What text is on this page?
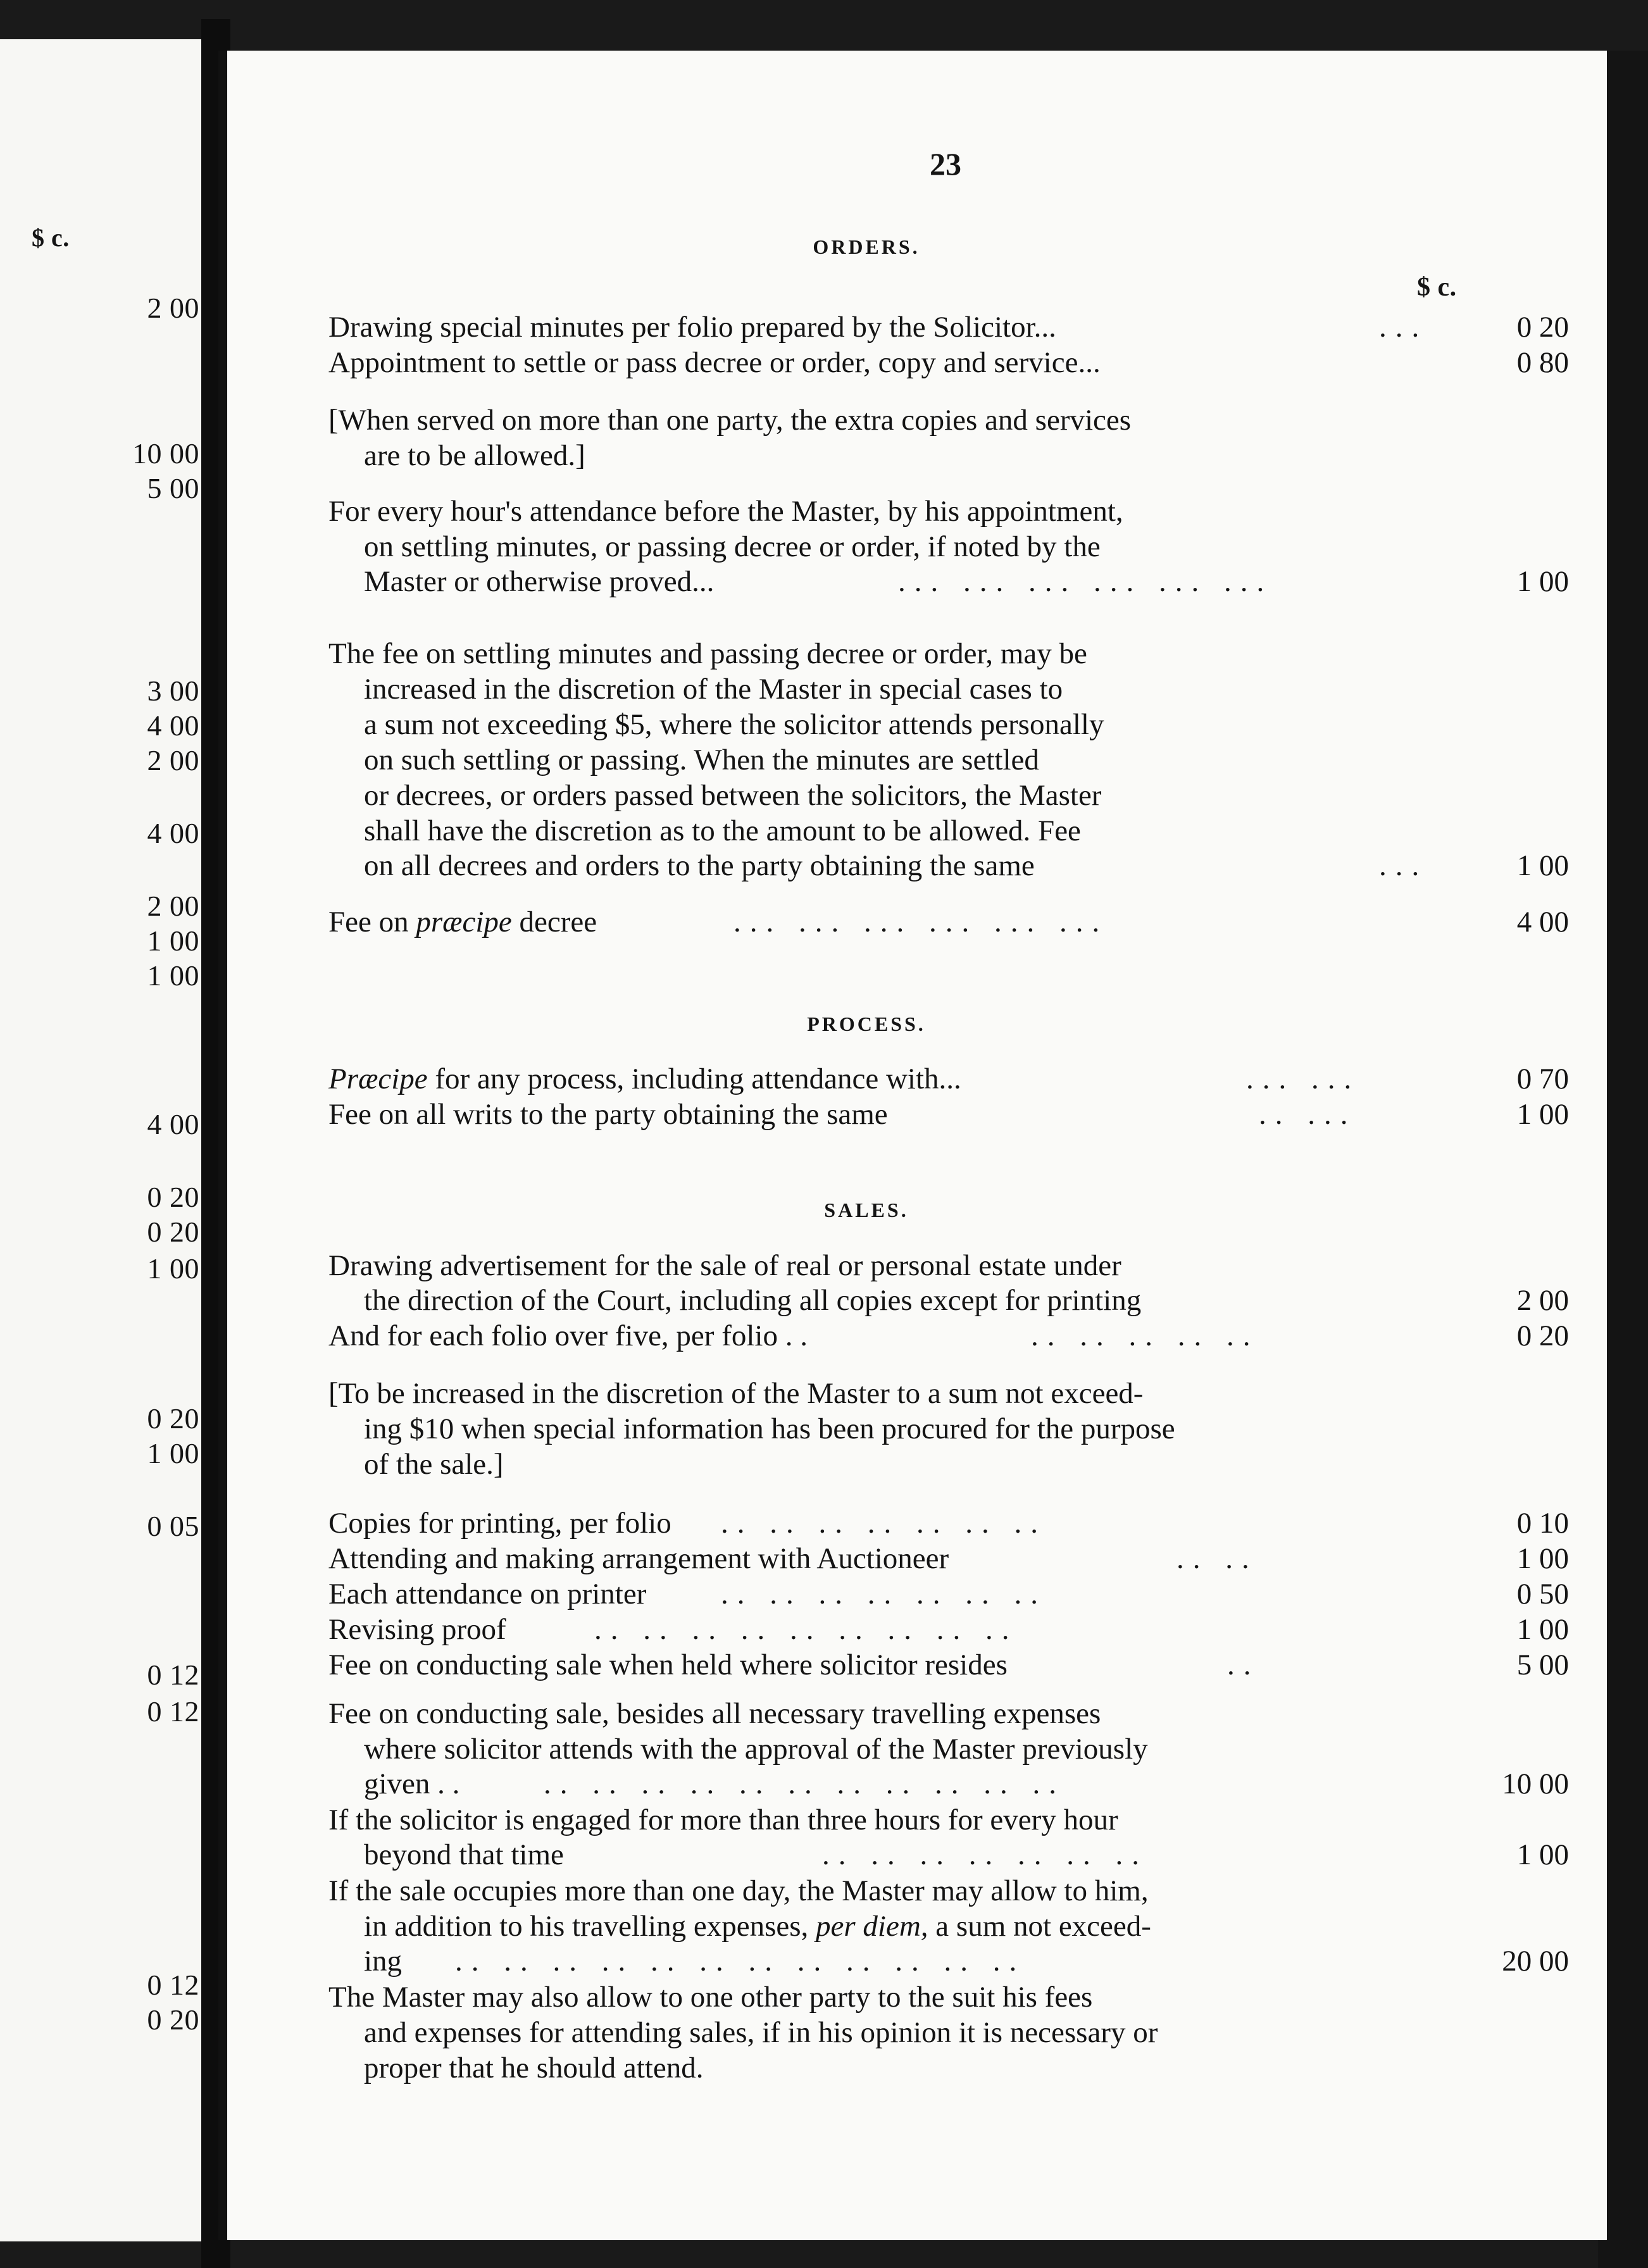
$ c.
2 00
10 00
5 00
3 00
4 00
2 00
4 00
2 00
1 00
1 00
4 00
0 20
0 20
1 00
0 20
1 00
0 05
0 12
0 12
0 12
0 20
23
ORDERS.
$ c.
Drawing special minutes per folio prepared by the Solicitor...	...	0 20
Appointment to settle or pass decree or order, copy and service...	0 80
[When served on more than one party, the extra copies and services
are to be allowed.]
For every hour's attendance before the Master, by his appointment,
on settling minutes, or passing decree or order, if noted by the
Master or otherwise proved...	... ... ... ... ... ...	1 00
The fee on settling minutes and passing decree or order, may be
increased in the discretion of the Master in special cases to
a sum not exceeding $5, where the solicitor attends personally
on such settling or passing. When the minutes are settled
or decrees, or orders passed between the solicitors, the Master
shall have the discretion as to the amount to be allowed. Fee
on all decrees and orders to the party obtaining the same	...	1 00
Fee on præcipe decree	... ... ... ... ... ...	4 00
PROCESS.
Præcipe for any process, including attendance with...	... ...	0 70
Fee on all writs to the party obtaining the same	.. ...	1 00
SALES.
Drawing advertisement for the sale of real or personal estate under
the direction of the Court, including all copies except for printing	2 00
And for each folio over five, per folio . .	.. .. .. .. ..	0 20
[To be increased in the discretion of the Master to a sum not exceed-
ing $10 when special information has been procured for the purpose
of the sale.]
Copies for printing, per folio .. .. .. .. .. .. ..	0 10
Attending and making arrangement with Auctioneer	.. ..	1 00
Each attendance on printer	.. .. .. .. .. .. ..	0 50
Revising proof	.. .. .. .. .. .. .. .. ..	1 00
Fee on conducting sale when held where solicitor resides	..	5 00
Fee on conducting sale, besides all necessary travelling expenses
where solicitor attends with the approval of the Master previously
given . .	.. .. .. .. .. .. .. .. .. .. ..	10 00
If the solicitor is engaged for more than three hours for every hour
beyond that time	.. .. .. .. .. .. ..	1 00
If the sale occupies more than one day, the Master may allow to him,
in addition to his travelling expenses, per diem, a sum not exceed-
ing .. .. .. .. .. .. .. .. .. .. .. ..	20 00
The Master may also allow to one other party to the suit his fees
and expenses for attending sales, if in his opinion it is necessary or
proper that he should attend.
